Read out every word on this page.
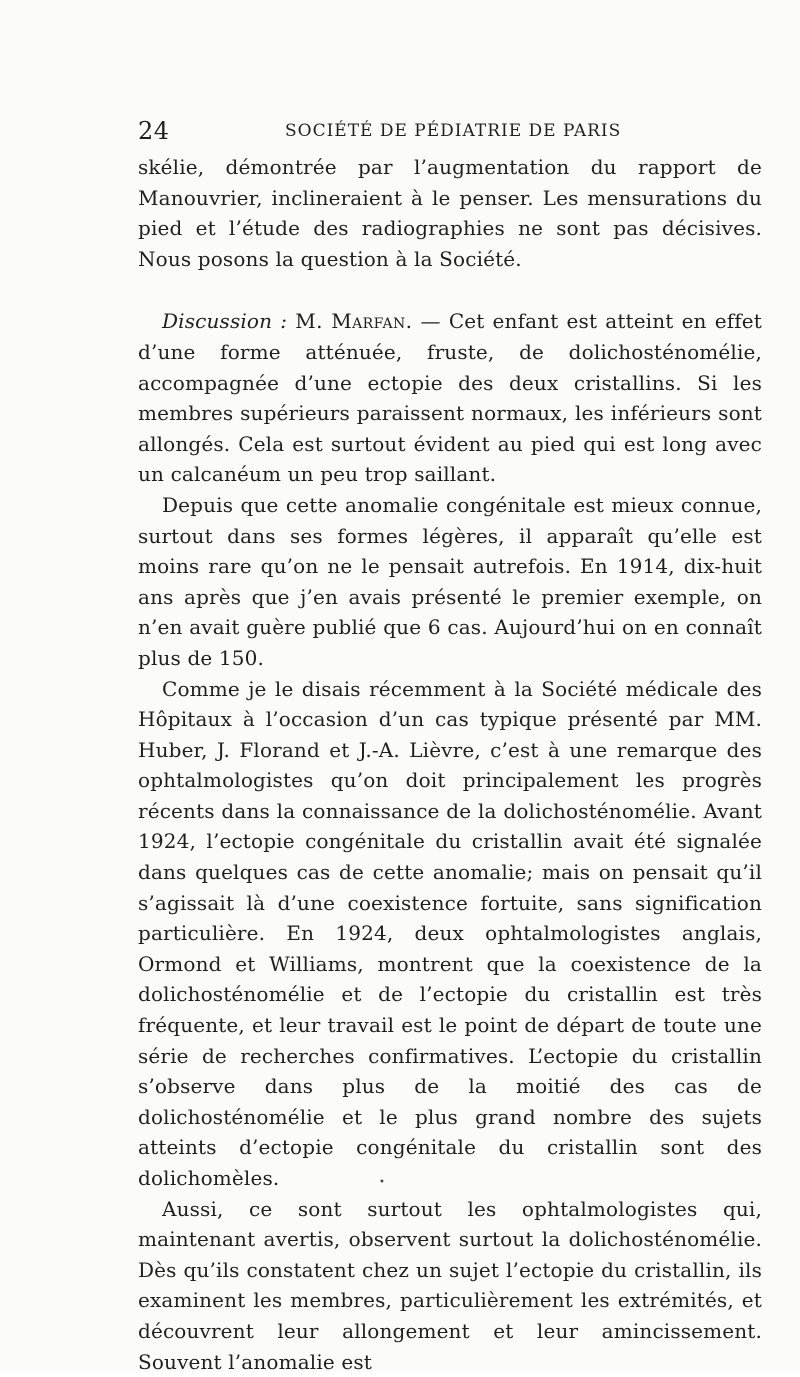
24	SOCIÉTÉ DE PÉDIATRIE DE PARIS

skélie, démontrée par l’augmentation du rapport de Manouvrier, inclineraient à le penser. Les mensurations du pied et l’étude des radiographies ne sont pas décisives. Nous posons la question à la Société.

Discussion : M. Marfan. — Cet enfant est atteint en effet d’une forme atténuée, fruste, de dolichosténomélie, accompagnée d’une ectopie des deux cristallins. Si les membres supérieurs paraissent normaux, les inférieurs sont allongés. Cela est surtout évident au pied qui est long avec un calcanéum un peu trop saillant.

Depuis que cette anomalie congénitale est mieux connue, surtout dans ses formes légères, il apparaît qu’elle est moins rare qu’on ne le pensait autrefois. En 1914, dix-huit ans après que j’en avais présenté le premier exemple, on n’en avait guère publié que 6 cas. Aujourd’hui on en connaît plus de 150.

Comme je le disais récemment à la Société médicale des Hôpitaux à l’occasion d’un cas typique présenté par MM. Huber, J. Florand et J.-A. Lièvre, c’est à une remarque des ophtalmologistes qu’on doit principalement les progrès récents dans la connaissance de la dolichosténomélie. Avant 1924, l’ectopie congénitale du cristallin avait été signalée dans quelques cas de cette anomalie; mais on pensait qu’il s’agissait là d’une coexistence fortuite, sans signification particulière. En 1924, deux ophtalmologistes anglais, Ormond et Williams, montrent que la coexistence de la dolichosténomélie et de l’ectopie du cristallin est très fréquente, et leur travail est le point de départ de toute une série de recherches confirmatives. L’ectopie du cristallin s’observe dans plus de la moitié des cas de dolichosténomélie et le plus grand nombre des sujets atteints d’ectopie congénitale du cristallin sont des dolichomèles.

Aussi, ce sont surtout les ophtalmologistes qui, maintenant avertis, observent surtout la dolichosténomélie. Dès qu’ils constatent chez un sujet l’ectopie du cristallin, ils examinent les membres, particulièrement les extrémités, et découvrent leur allongement et leur amincissement. Souvent l’anomalie est

•
